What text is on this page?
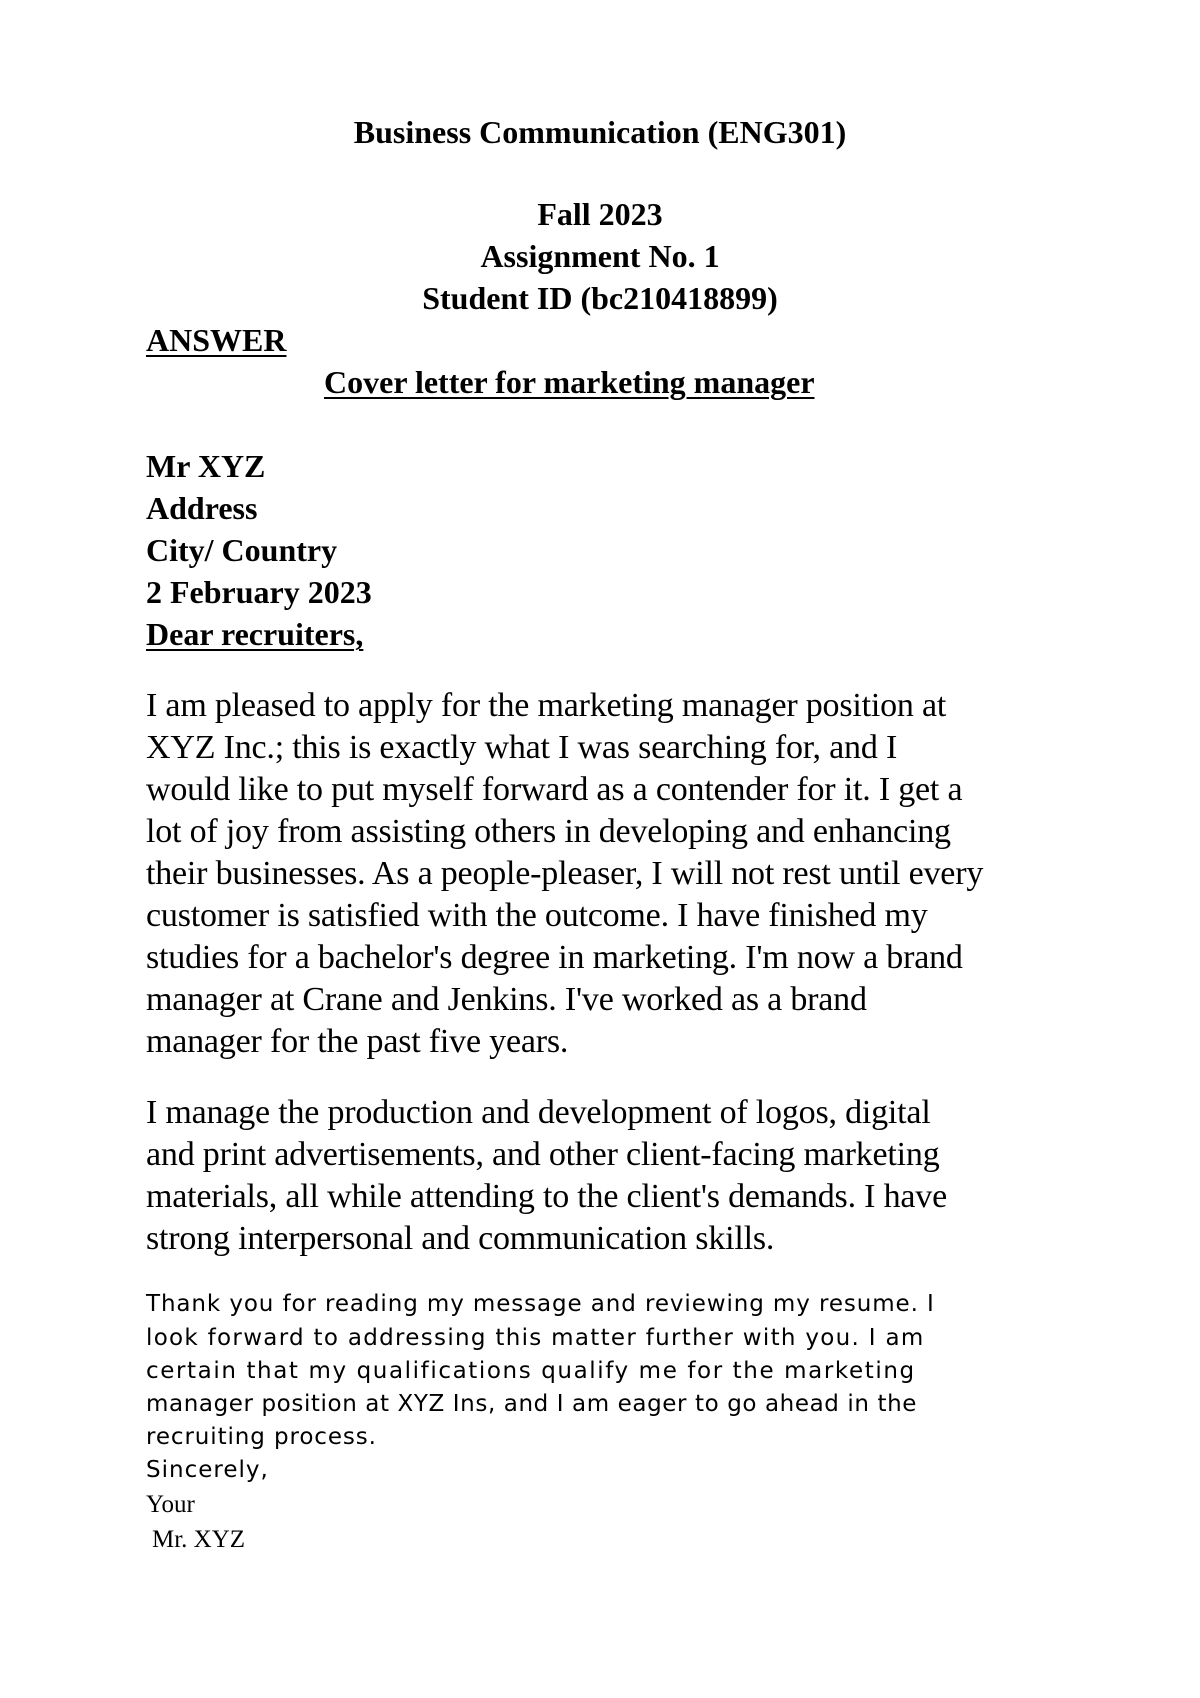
Business Communication (ENG301)
Fall 2023
Assignment No. 1
Student ID (bc210418899)
ANSWER
Cover letter for marketing manager
Mr XYZ
Address
City/ Country
2 February 2023
Dear recruiters,
I am pleased to apply for the marketing manager position at
XYZ Inc.; this is exactly what I was searching for, and I
would like to put myself forward as a contender for it. I get a
lot of joy from assisting others in developing and enhancing
their businesses. As a people-pleaser, I will not rest until every
customer is satisfied with the outcome. I have finished my
studies for a bachelor's degree in marketing. I'm now a brand
manager at Crane and Jenkins. I've worked as a brand
manager for the past five years.
I manage the production and development of logos, digital
and print advertisements, and other client-facing marketing
materials, all while attending to the client's demands. I have
strong interpersonal and communication skills.
Thank you for reading my message and reviewing my resume. I
look forward to addressing this matter further with you. I am
certain that my qualifications qualify me for the marketing
manager position at XYZ Ins, and I am eager to go ahead in the
recruiting process.
Sincerely,
Your
Mr. XYZ
